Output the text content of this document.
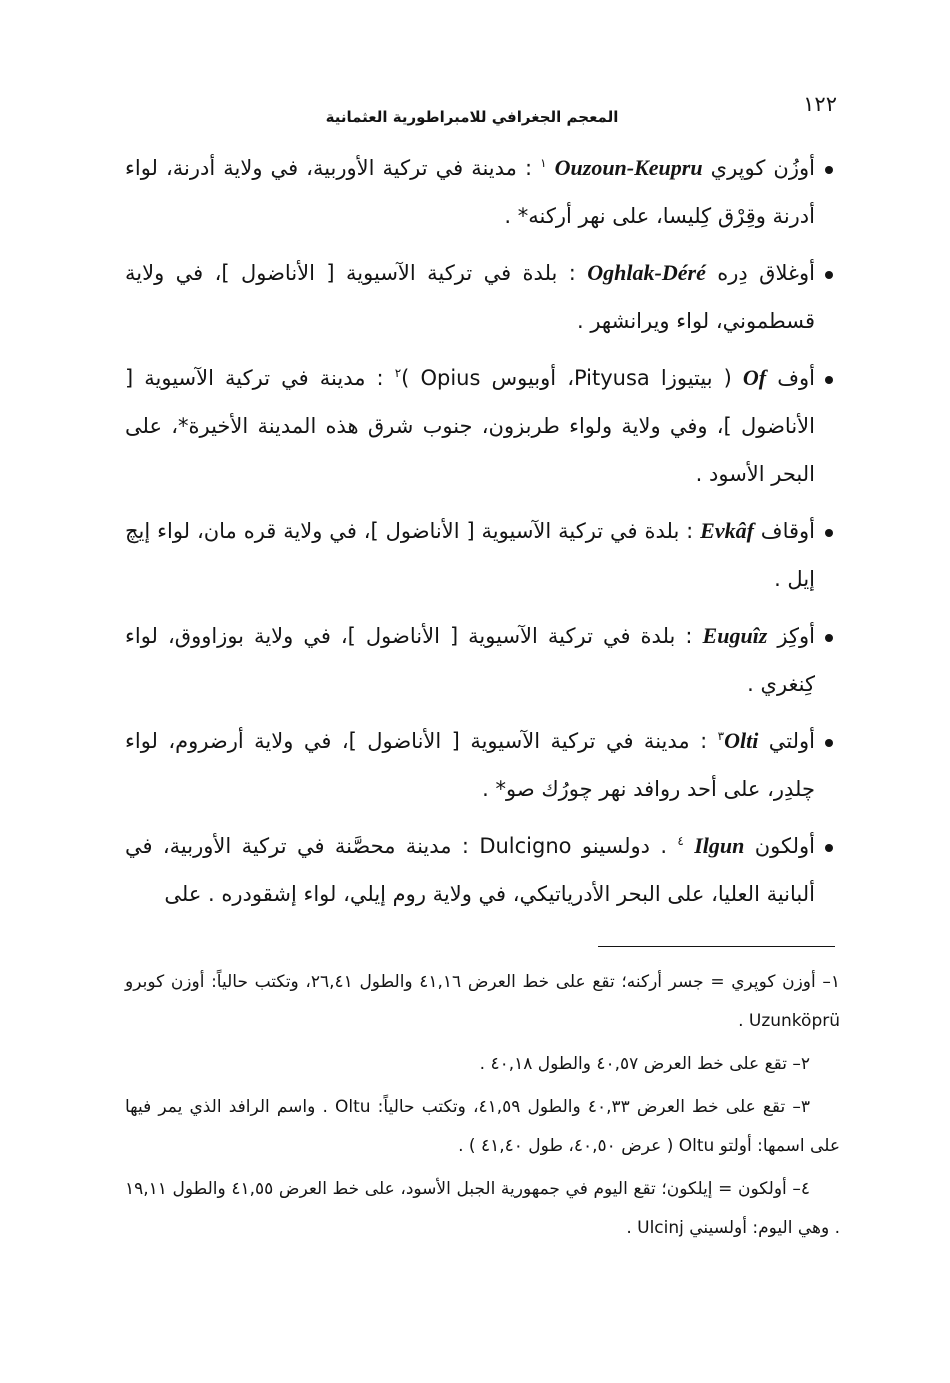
١٢٢
المعجم الجغرافي للامبراطورية العثمانية
أوزُن كوپري Ouzoun-Keupru $^١$ : مدينة في تركية الأوربية، في ولاية أدرنة، لواء أدرنة وقِرْق كِليسا، على نهر أركنه* .
أوغلاق دِره Oghlak-Déré : بلدة في تركية الآسيوية [ الأناضول ]، في ولاية قسطموني، لواء ويرانشهر .
أوف Of ( بيتيوزا Pityusa، أوبيوس Opius )$^٢$ : مدينة في تركية الآسيوية [ الأناضول ]، وفي ولاية ولواء طربزون، جنوب شرق هذه المدينة الأخيرة*، على البحر الأسود .
أوقاف Evkâf : بلدة في تركية الآسيوية [ الأناضول ]، في ولاية قره مان، لواء إيچ إيل .
أوكِز Euguîz : بلدة في تركية الآسيوية [ الأناضول ]، في ولاية بوزاووق، لواء كِنغري .
أولتي Olti$^٣$ : مدينة في تركية الآسيوية [ الأناضول ]، في ولاية أرضروم، لواء چلدِر، على أحد روافد نهر چورُك صو* .
أولكون Ilgun $^٤$ . دولسينو Dulcigno : مدينة محصَّنة في تركية الأوربية، في ألبانية العليا، على البحر الأدرياتيكي، في ولاية روم إيلي، لواء إشقودره . على
١– أوزن كوپري = جسر أركنه؛ تقع على خط العرض ٤١,١٦ والطول ٢٦,٤١، وتكتب حالياً: أوزن كوبرو Uzunköprü .
٢– تقع على خط العرض ٤٠,٥٧ والطول ٤٠,١٨ .
٣– تقع على خط العرض ٤٠,٣٣ والطول ٤١,٥٩، وتكتب حالياً: Oltu . واسم الرافد الذي يمر فيها على اسمها: أولتو Oltu ( عرض ٤٠,٥٠، طول ٤١,٤٠ ) .
٤– أولكون = إيلكون؛ تقع اليوم في جمهورية الجبل الأسود، على خط العرض ٤١,٥٥ والطول ١٩,١١ . وهي اليوم: أولسيني Ulcinj .
